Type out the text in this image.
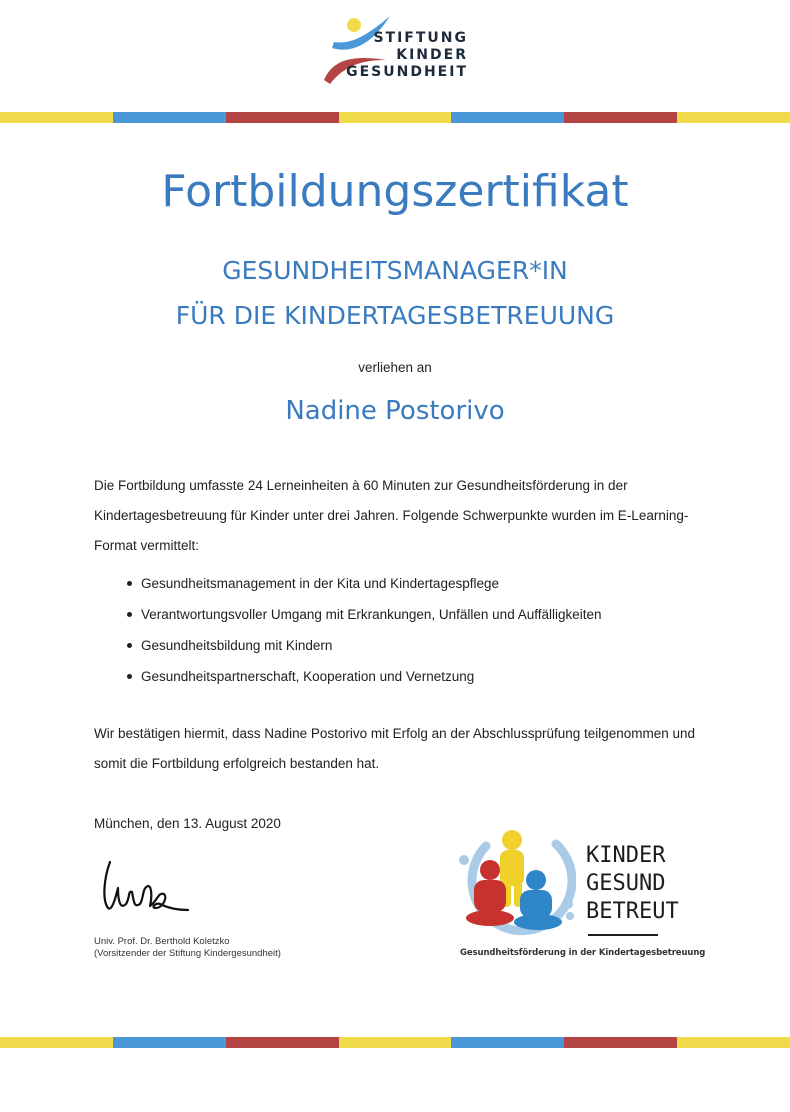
STIFTUNG
KINDER
GESUNDHEIT
Fortbildungszertifikat
GESUNDHEITSMANAGER*IN
FÜR DIE KINDERTAGESBETREUUNG
verliehen an
Nadine Postorivo
Die Fortbildung umfasste 24 Lerneinheiten à 60 Minuten zur Gesundheitsförderung in der Kindertagesbetreuung für Kinder unter drei Jahren. Folgende Schwerpunkte wurden im E-Learning-Format vermittelt:
Gesundheitsmanagement in der Kita und Kindertagespflege
Verantwortungsvoller Umgang mit Erkrankungen, Unfällen und Auffälligkeiten
Gesundheitsbildung mit Kindern
Gesundheitspartnerschaft, Kooperation und Vernetzung
Wir bestätigen hiermit, dass Nadine Postorivo mit Erfolg an der Abschlussprüfung teilgenommen und somit die Fortbildung erfolgreich bestanden hat.
München, den 13. August 2020
Univ. Prof. Dr. Berthold Koletzko
(Vorsitzender der Stiftung Kindergesundheit)
KINDER
GESUND
BETREUT
Gesundheitsförderung in der Kindertagesbetreuung
